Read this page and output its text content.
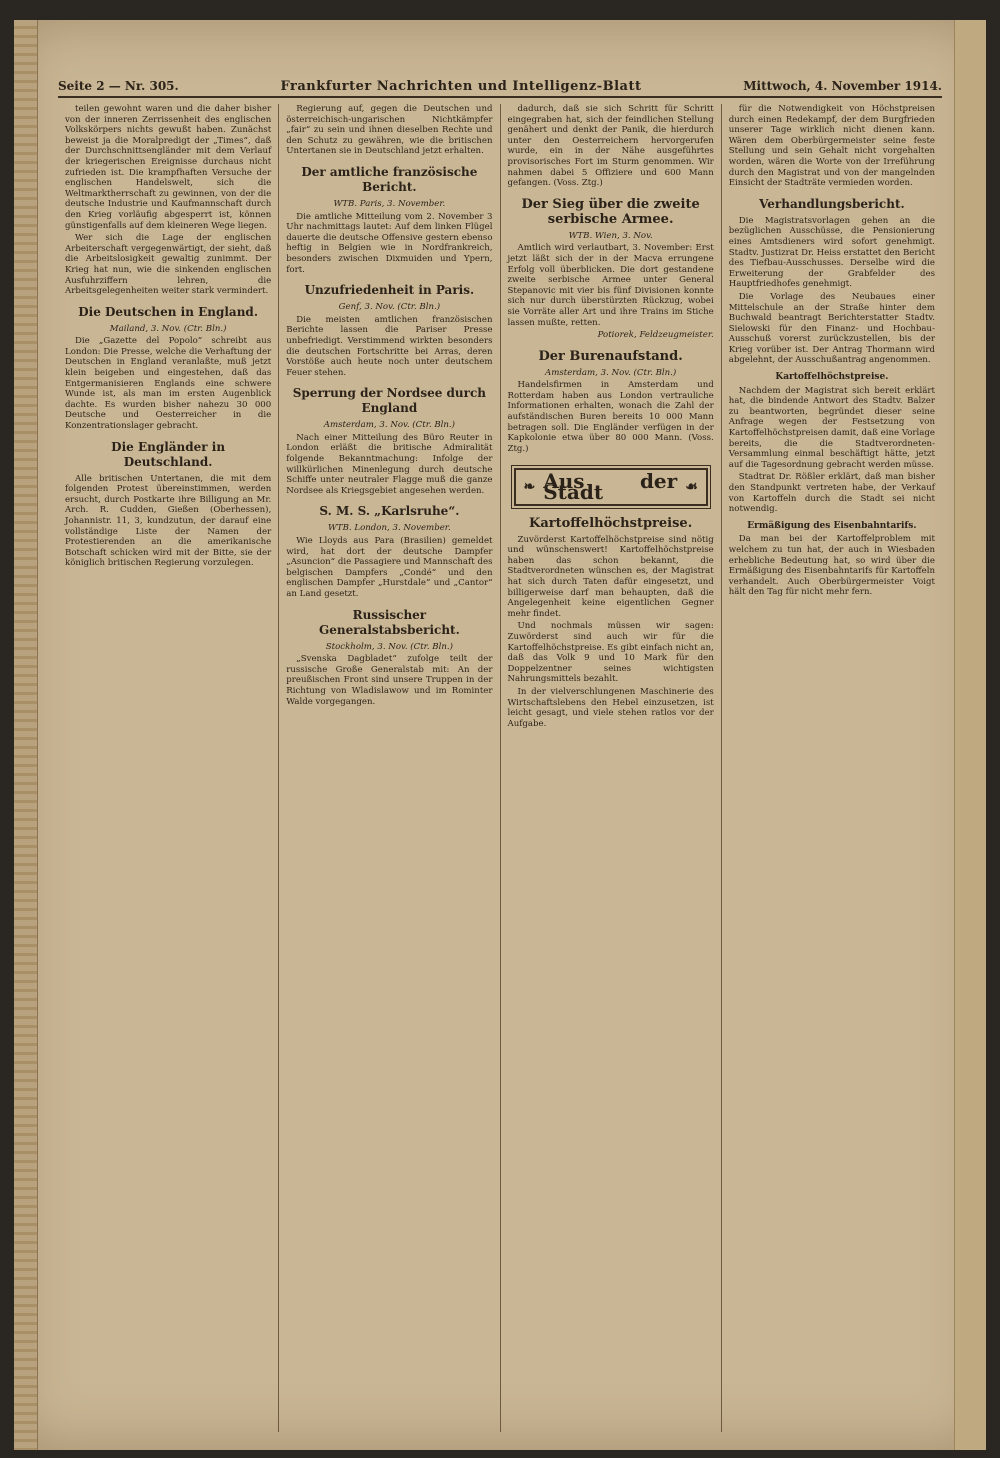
Seite 2 — Nr. 305.	Frankfurter Nachrichten und Intelligenz-Blatt	Mittwoch, 4. November 1914.

teilen gewohnt waren und die daher bisher von der inneren Zerrissenheit des englischen Volkskörpers nichts gewußt haben. Zunächst beweist ja die Moralpredigt der „Times“, daß der Durchschnittsengländer mit dem Verlauf der kriegerischen Ereignisse durchaus nicht zufrieden ist. Die krampfhaften Versuche der englischen Handelswelt, sich die Weltmarktherrschaft zu gewinnen, von der die deutsche Industrie und Kaufmannschaft durch den Krieg vorläufig abgesperrt ist, können günstigenfalls auf dem kleineren Wege liegen.

Wer sich die Lage der englischen Arbeiterschaft vergegenwärtigt, der sieht, daß die Arbeitslosigkeit gewaltig zunimmt. Der Krieg hat nun, wie die sinkenden englischen Ausfuhrziffern lehren, die Arbeitsgelegenheiten weiter stark vermindert.

Die Deutschen in England.
Mailand, 3. Nov. (Ctr. Bln.)

Die „Gazette del Popolo“ schreibt aus London: Die Presse, welche die Verhaftung der Deutschen in England veranlaßte, muß jetzt klein beigeben und eingestehen, daß das Entgermanisieren Englands eine schwere Wunde ist, als man im ersten Augenblick dachte. Es wurden bisher nahezu 30 000 Deutsche und Oesterreicher in die Konzentrationslager gebracht.

Die Engländer in Deutschland.

Alle britischen Untertanen, die mit dem folgenden Protest übereinstimmen, werden ersucht, durch Postkarte ihre Billigung an Mr. Arch. R. Cudden, Gießen (Oberhessen), Johannistr. 11, 3, kundzutun, der darauf eine vollständige Liste der Namen der Protestierenden an die amerikanische Botschaft schicken wird mit der Bitte, sie der königlich britischen Regierung vorzulegen.

Regierung auf, gegen die Deutschen und österreichisch-ungarischen Nichtkämpfer „fair“ zu sein und ihnen dieselben Rechte und den Schutz zu gewähren, wie die britischen Untertanen sie in Deutschland jetzt erhalten.

Der amtliche französische Bericht.
WTB. Paris, 3. November.

Die amtliche Mitteilung vom 2. November 3 Uhr nachmittags lautet: Auf dem linken Flügel dauerte die deutsche Offensive gestern ebenso heftig in Belgien wie in Nordfrankreich, besonders zwischen Dixmuiden und Ypern, fort.

Unzufriedenheit in Paris.
Genf, 3. Nov. (Ctr. Bln.)

Die meisten amtlichen französischen Berichte lassen die Pariser Presse unbefriedigt. Verstimmend wirkten besonders die deutschen Fortschritte bei Arras, deren Vorstöße auch heute noch unter deutschem Feuer stehen.

Sperrung der Nordsee durch England
Amsterdam, 3. Nov. (Ctr. Bln.)

Nach einer Mitteilung des Büro Reuter in London erläßt die britische Admiralität folgende Bekanntmachung: Infolge der willkürlichen Minenlegung durch deutsche Schiffe unter neutraler Flagge muß die ganze Nordsee als Kriegsgebiet angesehen werden.

S. M. S. „Karlsruhe“.
WTB. London, 3. November.

Wie Lloyds aus Para (Brasilien) gemeldet wird, hat dort der deutsche Dampfer „Asuncion“ die Passagiere und Mannschaft des belgischen Dampfers „Condé“ und den englischen Dampfer „Hurstdale“ und „Cantor“ an Land gesetzt.

Russischer Generalstabsbericht.
Stockholm, 3. Nov. (Ctr. Bln.)

„Svenska Dagbladet“ zufolge teilt der russische Große Generalstab mit: An der preußischen Front sind unsere Truppen in der Richtung von Wladislawow und im Rominter Walde vorgegangen.

dadurch, daß sie sich Schritt für Schritt eingegraben hat, sich der feindlichen Stellung genähert und denkt der Panik, die hierdurch unter den Oesterreichern hervorgerufen wurde, ein in der Nähe ausgeführtes provisorisches Fort im Sturm genommen. Wir nahmen dabei 5 Offiziere und 600 Mann gefangen. (Voss. Ztg.)

Der Sieg über die zweite serbische Armee.
WTB. Wien, 3. Nov.

Amtlich wird verlautbart, 3. November: Erst jetzt läßt sich der in der Macva errungene Erfolg voll überblicken. Die dort gestandene zweite serbische Armee unter General Stepanovic mit vier bis fünf Divisionen konnte sich nur durch überstürzten Rückzug, wobei sie Vorräte aller Art und ihre Trains im Stiche lassen mußte, retten.

Potiorek, Feldzeugmeister.
Der Burenaufstand.
Amsterdam, 3. Nov. (Ctr. Bln.)

Handelsfirmen in Amsterdam und Rotterdam haben aus London vertrauliche Informationen erhalten, wonach die Zahl der aufständischen Buren bereits 10 000 Mann betragen soll. Die Engländer verfügen in der Kapkolonie etwa über 80 000 Mann. (Voss. Ztg.)

❧ Aus der Stadt	☙
Kartoffelhöchstpreise.

Zuvörderst Kartoffelhöchstpreise sind nötig und wünschenswert! Kartoffelhöchstpreise haben das schon bekannt, die Stadtverordneten wünschen es, der Magistrat hat sich durch Taten dafür eingesetzt, und billigerweise darf man behaupten, daß die Angelegenheit keine eigentlichen Gegner mehr findet.

Und nochmals müssen wir sagen: Zuwörderst sind auch wir für die Kartoffelhöchstpreise. Es gibt einfach nicht an, daß das Volk 9 und 10 Mark für den Doppelzentner seines wichtigsten Nahrungsmittels bezahlt.

In der vielverschlungenen Maschinerie des Wirtschaftslebens den Hebel einzusetzen, ist leicht gesagt, und viele stehen ratlos vor der Aufgabe.

für die Notwendigkeit von Höchstpreisen durch einen Redekampf, der dem Burgfrieden unserer Tage wirklich nicht dienen kann. Wären dem Oberbürgermeister seine feste Stellung und sein Gehalt nicht vorgehalten worden, wären die Worte von der Irreführung durch den Magistrat und von der mangelnden Einsicht der Stadträte vermieden worden.

Verhandlungsbericht.

Die Magistratsvorlagen gehen an die bezüglichen Ausschüsse, die Pensionierung eines Amtsdieners wird sofort genehmigt. Stadtv. Justizrat Dr. Heiss erstattet den Bericht des Tiefbau-Ausschusses. Derselbe wird die Erweiterung der Grabfelder des Hauptfriedhofes genehmigt.

Die Vorlage des Neubaues einer Mittelschule an der Straße hinter dem Buchwald beantragt Berichterstatter Stadtv. Sielowski für den Finanz- und Hochbau-Ausschuß vorerst zurückzustellen, bis der Krieg vorüber ist. Der Antrag Thormann wird abgelehnt, der Ausschußantrag angenommen.

Kartoffelhöchstpreise.

Nachdem der Magistrat sich bereit erklärt hat, die bindende Antwort des Stadtv. Balzer zu beantworten, begründet dieser seine Anfrage wegen der Festsetzung von Kartoffelhöchstpreisen damit, daß eine Vorlage bereits, die die Stadtverordneten-Versammlung einmal beschäftigt hätte, jetzt auf die Tagesordnung gebracht werden müsse.

Stadtrat Dr. Rößler erklärt, daß man bisher den Standpunkt vertreten habe, der Verkauf von Kartoffeln durch die Stadt sei nicht notwendig.

Ermäßigung des Eisenbahntarifs.

Da man bei der Kartoffelproblem mit welchem zu tun hat, der auch in Wiesbaden erhebliche Bedeutung hat, so wird über die Ermäßigung des Eisenbahntarifs für Kartoffeln verhandelt. Auch Oberbürgermeister Voigt hält den Tag für nicht mehr fern.
